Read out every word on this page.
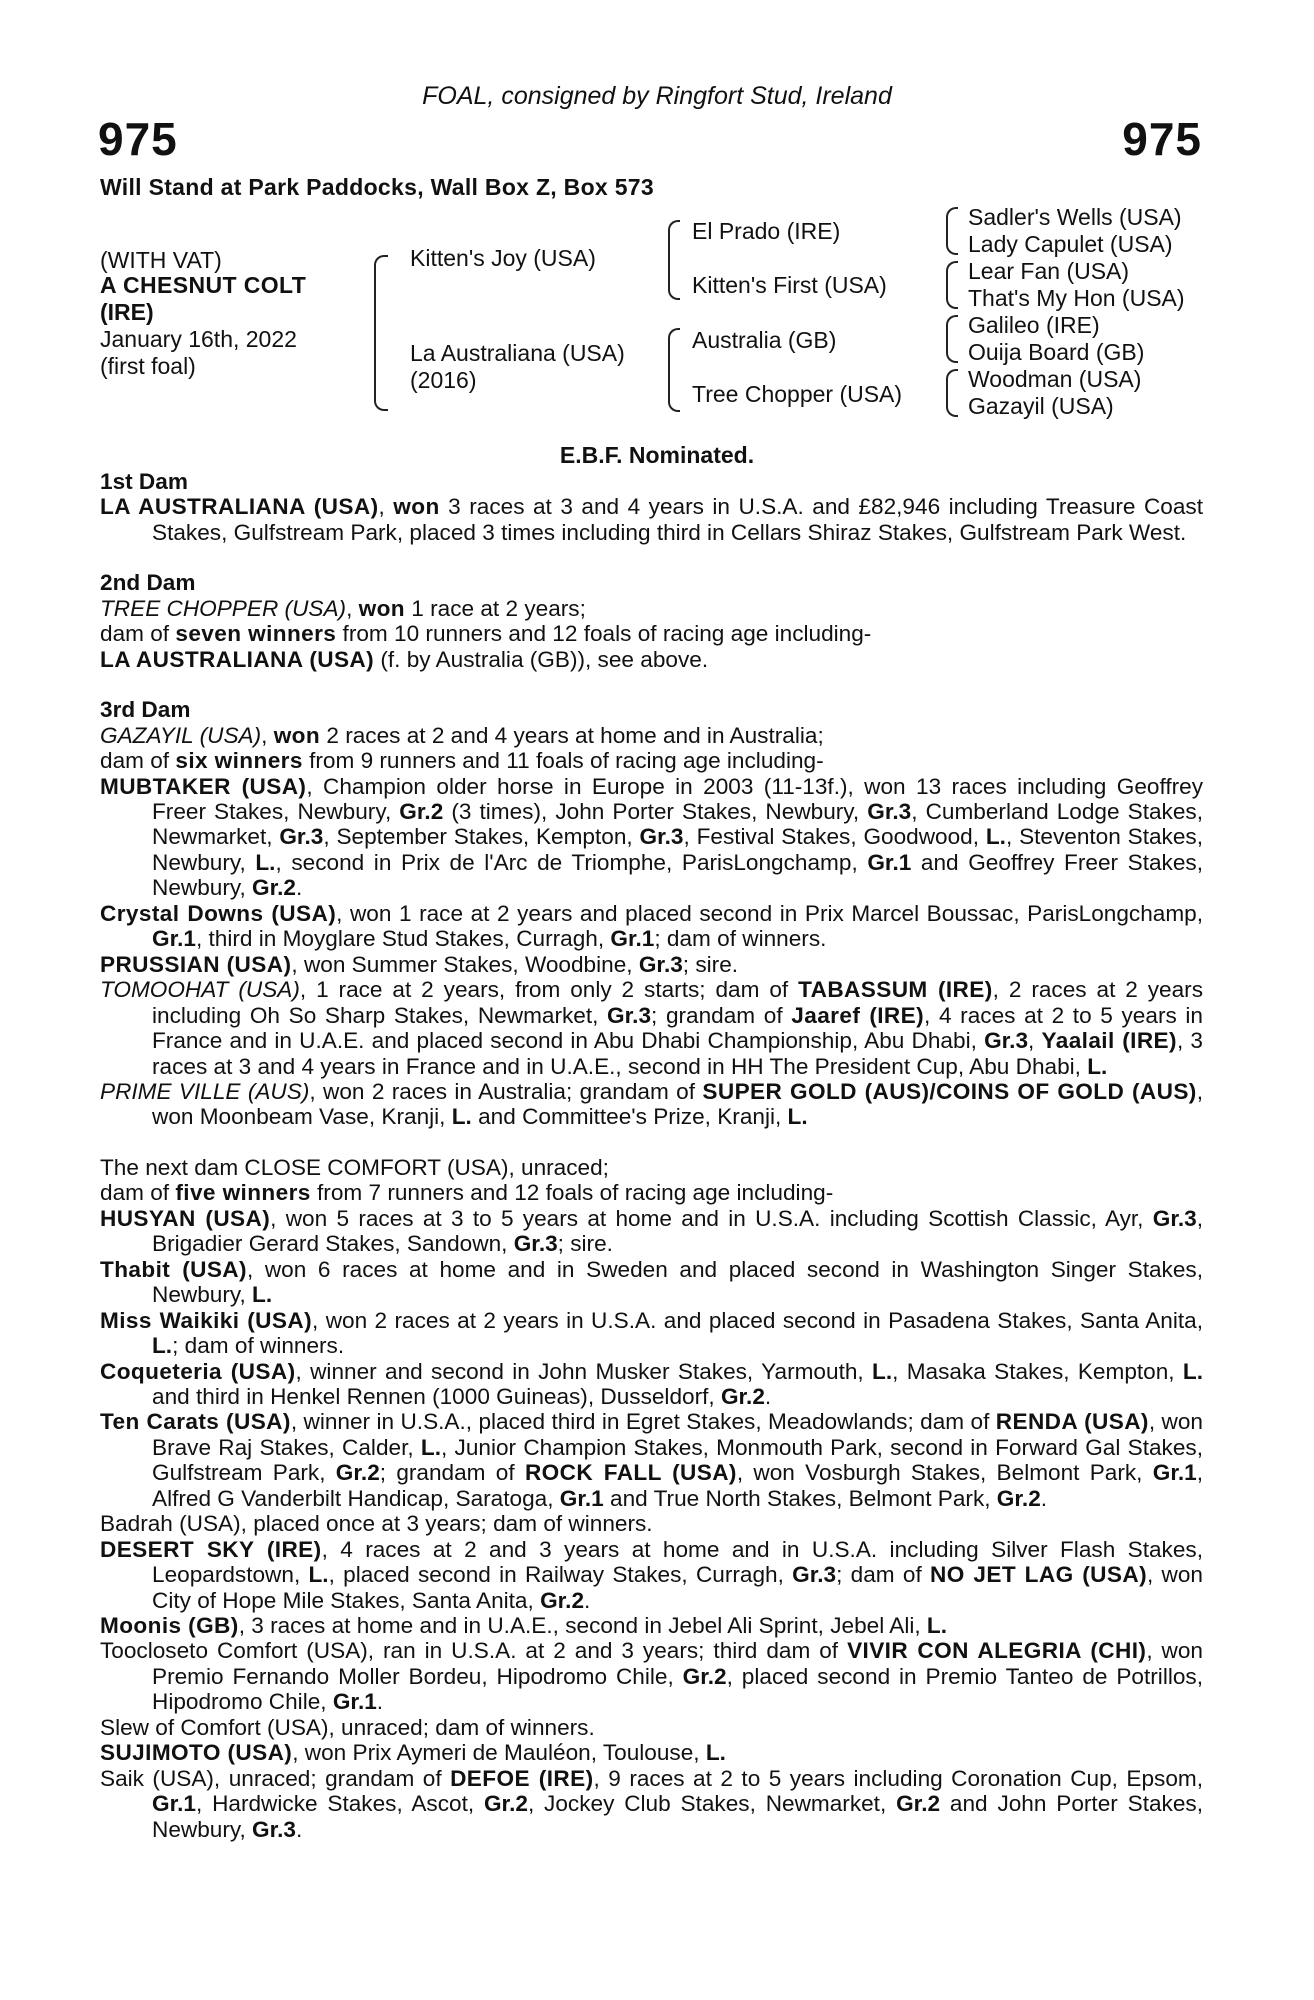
FOAL, consigned by Ringfort Stud, Ireland
975	975
Will Stand at Park Paddocks, Wall Box Z, Box 573
(WITH VAT)
A CHESNUT COLT
(IRE)
January 16th, 2022
(first foal)
Kitten's Joy (USA)
La Australiana (USA)
(2016)
El Prado (IRE)
Kitten's First (USA)
Australia (GB)
Tree Chopper (USA)
Sadler's Wells (USA)
Lady Capulet (USA)
Lear Fan (USA)
That's My Hon (USA)
Galileo (IRE)
Ouija Board (GB)
Woodman (USA)
Gazayil (USA)
E.B.F. Nominated.

1st Dam

LA AUSTRALIANA (USA), won 3 races at 3 and 4 years in U.S.A. and £82,946 including Treasure Coast Stakes, Gulfstream Park, placed 3 times including third in Cellars Shiraz Stakes, Gulfstream Park West.

2nd Dam

TREE CHOPPER (USA), won 1 race at 2 years;

dam of seven winners from 10 runners and 12 foals of racing age including-

LA AUSTRALIANA (USA) (f. by Australia (GB)), see above.

3rd Dam

GAZAYIL (USA), won 2 races at 2 and 4 years at home and in Australia;

dam of six winners from 9 runners and 11 foals of racing age including-

MUBTAKER (USA), Champion older horse in Europe in 2003 (11-13f.), won 13 races including Geoffrey Freer Stakes, Newbury, Gr.2 (3 times), John Porter Stakes, Newbury, Gr.3, Cumberland Lodge Stakes, Newmarket, Gr.3, September Stakes, Kempton, Gr.3, Festival Stakes, Goodwood, L., Steventon Stakes, Newbury, L., second in Prix de l'Arc de Triomphe, ParisLongchamp, Gr.1 and Geoffrey Freer Stakes, Newbury, Gr.2.

Crystal Downs (USA), won 1 race at 2 years and placed second in Prix Marcel Boussac, ParisLongchamp, Gr.1, third in Moyglare Stud Stakes, Curragh, Gr.1; dam of winners.

PRUSSIAN (USA), won Summer Stakes, Woodbine, Gr.3; sire.

TOMOOHAT (USA), 1 race at 2 years, from only 2 starts; dam of TABASSUM (IRE), 2 races at 2 years including Oh So Sharp Stakes, Newmarket, Gr.3; grandam of Jaaref (IRE), 4 races at 2 to 5 years in France and in U.A.E. and placed second in Abu Dhabi Championship, Abu Dhabi, Gr.3, Yaalail (IRE), 3 races at 3 and 4 years in France and in U.A.E., second in HH The President Cup, Abu Dhabi, L.

PRIME VILLE (AUS), won 2 races in Australia; grandam of SUPER GOLD (AUS)/COINS OF GOLD (AUS), won Moonbeam Vase, Kranji, L. and Committee's Prize, Kranji, L.

The next dam CLOSE COMFORT (USA), unraced;

dam of five winners from 7 runners and 12 foals of racing age including-

HUSYAN (USA), won 5 races at 3 to 5 years at home and in U.S.A. including Scottish Classic, Ayr, Gr.3, Brigadier Gerard Stakes, Sandown, Gr.3; sire.

Thabit (USA), won 6 races at home and in Sweden and placed second in Washington Singer Stakes, Newbury, L.

Miss Waikiki (USA), won 2 races at 2 years in U.S.A. and placed second in Pasadena Stakes, Santa Anita, L.; dam of winners.

Coqueteria (USA), winner and second in John Musker Stakes, Yarmouth, L., Masaka Stakes, Kempton, L. and third in Henkel Rennen (1000 Guineas), Dusseldorf, Gr.2.

Ten Carats (USA), winner in U.S.A., placed third in Egret Stakes, Meadowlands; dam of RENDA (USA), won Brave Raj Stakes, Calder, L., Junior Champion Stakes, Monmouth Park, second in Forward Gal Stakes, Gulfstream Park, Gr.2; grandam of ROCK FALL (USA), won Vosburgh Stakes, Belmont Park, Gr.1, Alfred G Vanderbilt Handicap, Saratoga, Gr.1 and True North Stakes, Belmont Park, Gr.2.

Badrah (USA), placed once at 3 years; dam of winners.

DESERT SKY (IRE), 4 races at 2 and 3 years at home and in U.S.A. including Silver Flash Stakes, Leopardstown, L., placed second in Railway Stakes, Curragh, Gr.3; dam of NO JET LAG (USA), won City of Hope Mile Stakes, Santa Anita, Gr.2.

Moonis (GB), 3 races at home and in U.A.E., second in Jebel Ali Sprint, Jebel Ali, L.

Toocloseto Comfort (USA), ran in U.S.A. at 2 and 3 years; third dam of VIVIR CON ALEGRIA (CHI), won Premio Fernando Moller Bordeu, Hipodromo Chile, Gr.2, placed second in Premio Tanteo de Potrillos, Hipodromo Chile, Gr.1.

Slew of Comfort (USA), unraced; dam of winners.

SUJIMOTO (USA), won Prix Aymeri de Mauléon, Toulouse, L.

Saik (USA), unraced; grandam of DEFOE (IRE), 9 races at 2 to 5 years including Coronation Cup, Epsom, Gr.1, Hardwicke Stakes, Ascot, Gr.2, Jockey Club Stakes, Newmarket, Gr.2 and John Porter Stakes, Newbury, Gr.3.
